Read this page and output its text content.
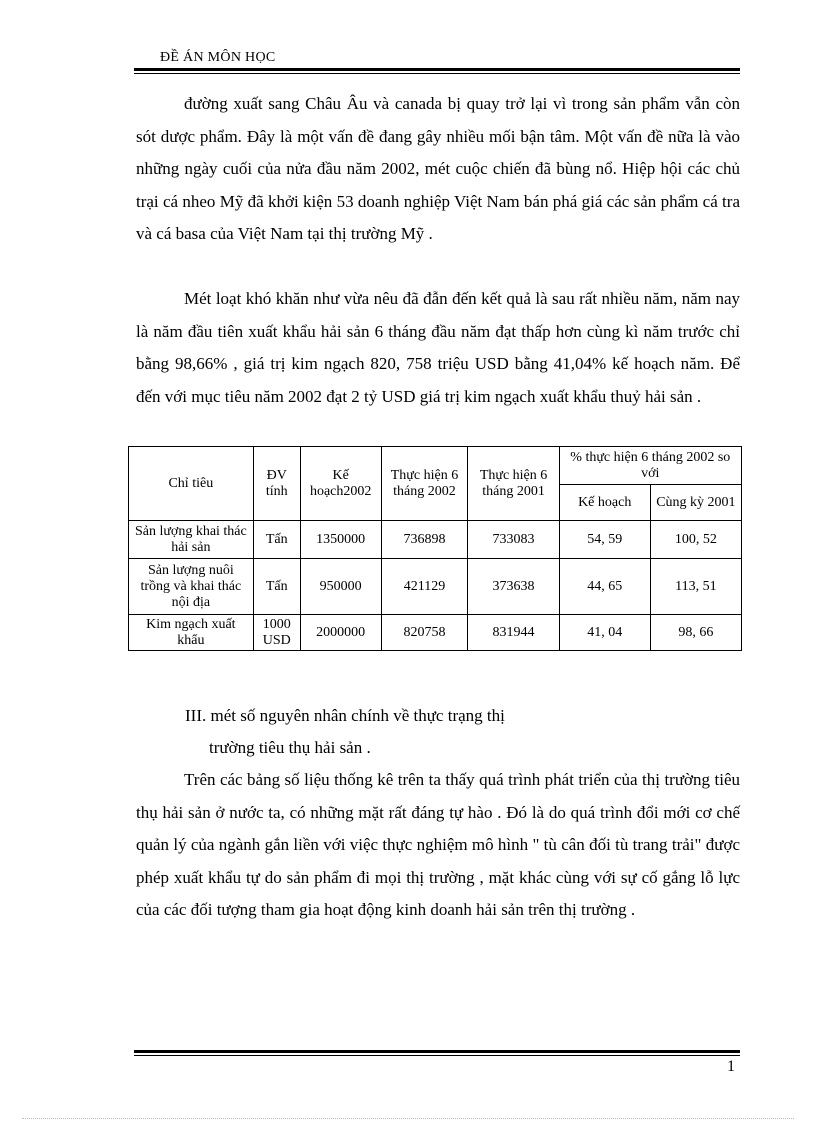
ĐỀ ÁN MÔN HỌC
đường xuất sang Châu Âu và canada bị quay trở lại vì trong sản phẩm vẫn còn sót dược phẩm. Đây là một vấn đề đang gây nhiều mối bận tâm. Một vấn đề nữa là vào những ngày cuối của nửa đầu năm 2002, mét cuộc chiến đã bùng nổ. Hiệp hội các chủ trại cá nheo Mỹ đã khởi kiện 53 doanh nghiệp Việt Nam bán phá giá các sản phẩm cá tra và cá basa của Việt Nam tại thị trường Mỹ .
Mét loạt khó khăn như vừa nêu đã đẫn đến kết quả là sau rất nhiều năm, năm nay là năm đầu tiên xuất khẩu hải sản 6 tháng đầu năm đạt thấp hơn cùng kì năm trước chỉ bằng 98,66% , giá trị kim ngạch 820, 758 triệu USD bằng 41,04% kế hoạch năm. Để đến với mục tiêu năm 2002 đạt 2 tỷ USD giá trị kim ngạch xuất khẩu thuỷ hải sản .
Chỉ tiêu	ĐV tính	Kế hoạch2002	Thực hiện 6 tháng 2002	Thực hiện 6 tháng 2001	% thực hiện 6 tháng 2002 so với	
					Kế hoạch	Cùng kỳ 2001
Sản lượng khai thác hải sản	Tấn	1350000	736898	733083	54, 59	100, 52
Sản lượng nuôi trồng và khai thác nội địa	Tấn	950000	421129	373638	44, 65	113, 51
Kim ngạch xuất khẩu	1000 USD	2000000	820758	831944	41, 04	98, 66
III. mét số nguyên nhân chính về thực trạng thị
trường tiêu thụ hải sản .
Trên các bảng số liệu thống kê trên ta thấy quá trình phát triển của thị trường tiêu thụ hải sản ở nước ta, có những mặt rất đáng tự hào . Đó là do quá trình đổi mới cơ chế quản lý của ngành gắn liền với việc thực nghiệm mô hình " tù cân đối tù trang trải" được phép xuất khẩu tự do sản phẩm đi mọi thị trường , mặt khác cùng với sự cố gắng lỗ lực của các đối tượng tham gia hoạt động kinh doanh hải sản trên thị trường .
1
